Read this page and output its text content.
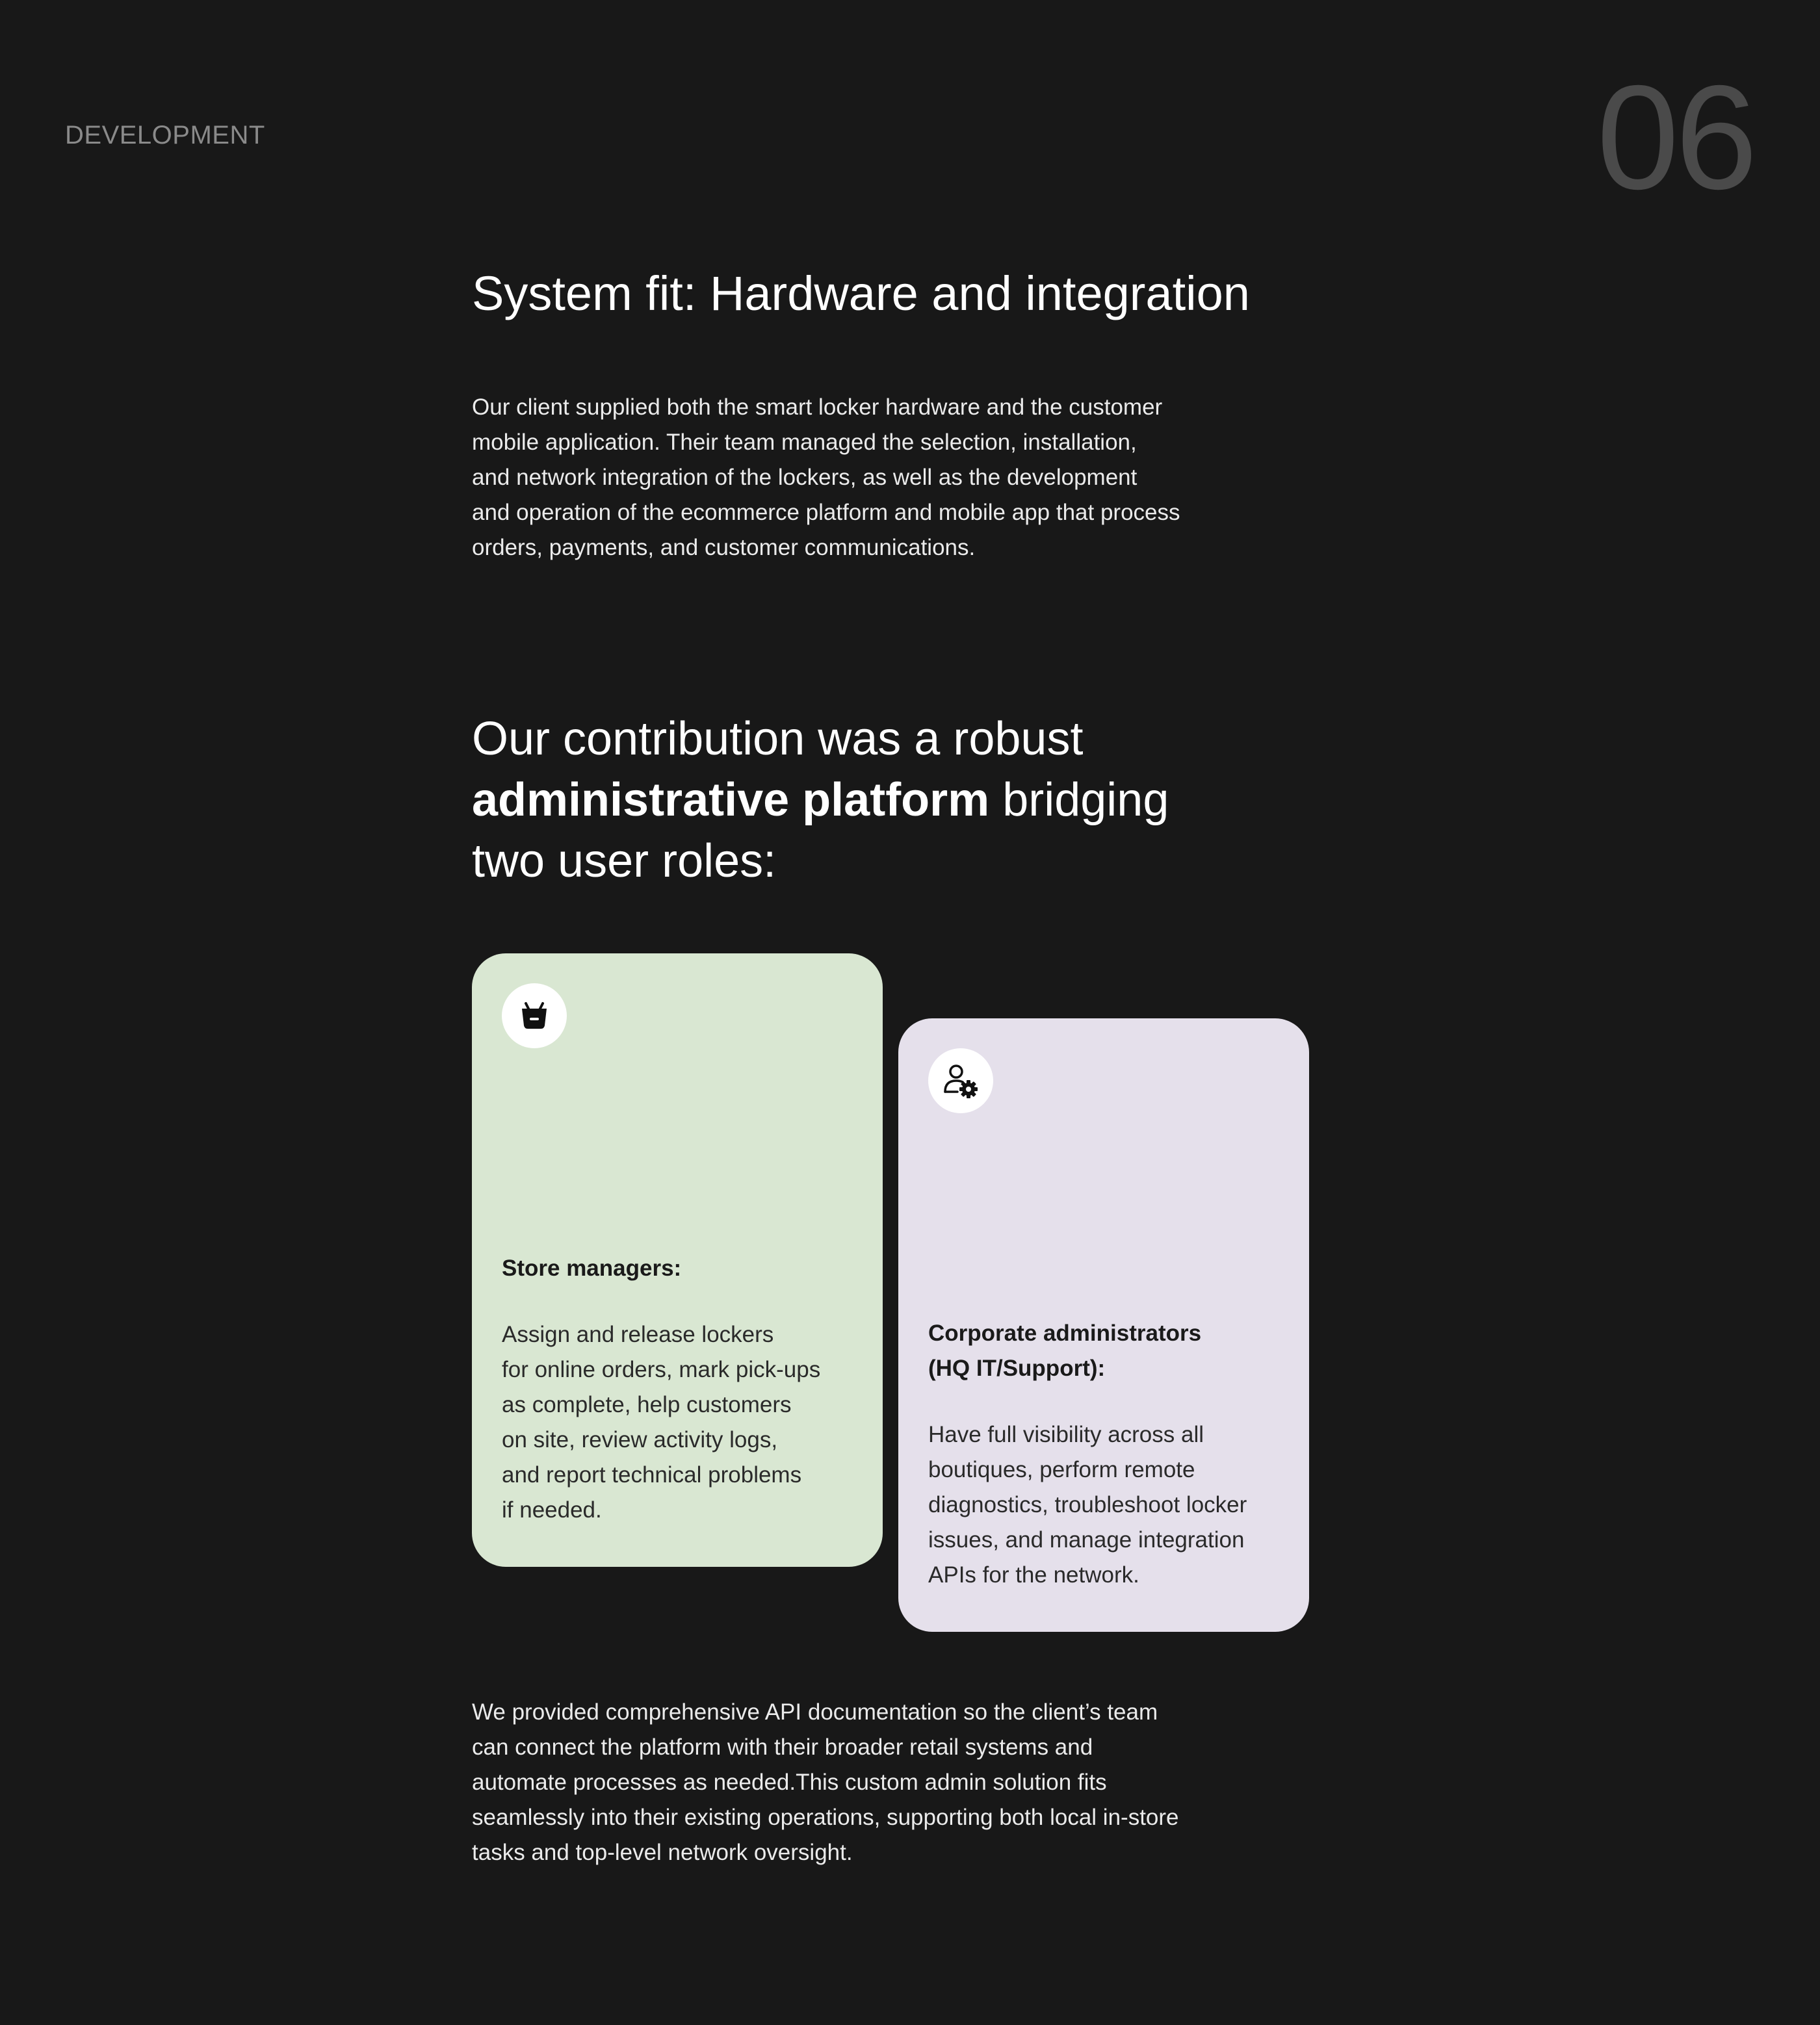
DEVELOPMENT	06
System fit: Hardware and integration

Our client supplied both the smart locker hardware and the customer

mobile application. Their team managed the selection, installation,

and network integration of the lockers, as well as the development

and operation of the ecommerce platform and mobile app that process

orders, payments, and customer communications.

Our contribution was a robust

administrative platform bridging

two user roles:

Store managers:

Assign and release lockers

for online orders, mark pick-ups

as complete, help customers

on site, review activity logs,

and report technical problems

if needed.

Corporate administrators

(HQ IT/Support):

Have full visibility across all

boutiques, perform remote

diagnostics, troubleshoot locker

issues, and manage integration

APIs for the network.

We provided comprehensive API documentation so the client’s team

can connect the platform with their broader retail systems and

automate processes as needed.This custom admin solution fits

seamlessly into their existing operations, supporting both local in-store

tasks and top-level network oversight.
